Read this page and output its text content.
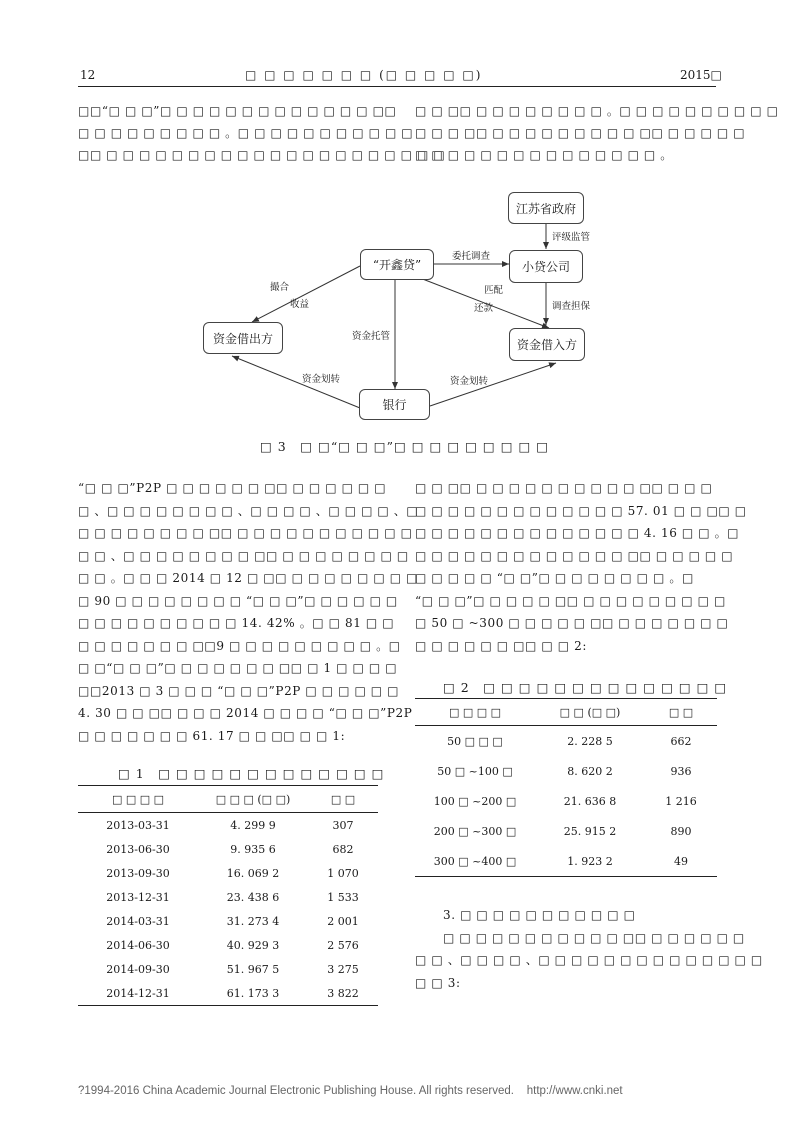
12	□ □ □ □ □ □ □ (□ □ □ □ □)	2015□
□□“□ □ □”□ □ □ □ □ □ □ □ □ □ □ □ □ □□
□ □ □ □ □ □ □ □ □ 。□ □ □ □ □ □ □ □ □ □ □
□□ □ □ □ □ □ □ □ □ □ □ □ □ □ □ □ □ □ □ □ □ □
□ □ □□ □ □ □ □ □ □ □ □ 。□ □ □ □ □ □ □ □ □ □
□ □ □ □□ □ □ □ □ □ □ □ □ □ □□ □ □ □ □ □
□ □ □ □ □ □ □ □ □ □ □ □ □ □ □ 。
江苏省政府
“开鑫贷”	小贷公司
资金借出方	资金借入方
银行
评级监管
委托调查
撮合
收益
匹配
还款	调查担保
资金托管
资金划转	资金划转
□ 3　□ □“□ □ □”□ □ □ □ □ □ □ □ □
“□ □ □”P2P □ □ □ □ □ □ □□ □ □ □ □ □ □
□ 、□ □ □ □ □ □ □ □ 、□ □ □ □ 、□ □ □ □ 、□
□ □ □ □ □ □ □ □ □□ □ □ □ □ □ □ □ □ □ □ □
□ □ 、□ □ □ □ □ □ □ □ □□ □ □ □ □ □ □ □ □
□ □ 。□ □ □ 2014 □ 12 □ □□ □ □ □ □ □ □ □ □
□ 90 □ □ □ □ □ □ □ □ “□ □ □”□ □ □ □ □ □
□ □ □ □ □ □ □ □ □ □ 14. 42% 。□ □ 81 □ □
□ □ □ □ □ □ □ □□9 □ □ □ □ □ □ □ □ □ 。□
□ □“□ □ □”□ □ □ □ □ □ □ □□ □ 1 □ □ □ □
□□2013 □ 3 □ □ □ “□ □ □”P2P □ □ □ □ □ □
4. 30 □ □ □□ □ □ □ 2014 □ □ □ □ “□ □ □”P2P
□ □ □ □ □ □ □ 61. 17 □ □ □□ □ □ 1:
□ □ □□ □ □ □ □ □ □ □ □ □ □ □□ □ □ □
□ □ □ □ □ □ □ □ □ □ □ □ □ 57. 01 □ □ □□ □
□ □ □ □ □ □ □ □ □ □ □ □ □ □ 4. 16 □ □ 。□
□ □ □ □ □ □ □ □ □ □ □ □ □ □□ □ □ □ □ □
□ □ □ □ □ “□ □”□ □ □ □ □ □ □ □ 。□
“□ □ □”□ □ □ □ □ □□ □ □ □ □ □ □ □ □ □
□ 50 □ ~300 □ □ □ □ □ □□ □ □ □ □ □ □ □
□ □ □ □ □ □ □□ □ □ 2:
□ 1　□ □ □ □ □ □ □ □ □ □ □ □ □
□ □ □ □	□ □ □ (□ □)	□ □
2013-03-31	4. 299 9	307
2013-06-30	9. 935 6	682
2013-09-30	16. 069 2	1 070
2013-12-31	23. 438 6	1 533
2014-03-31	31. 273 4	2 001
2014-06-30	40. 929 3	2 576
2014-09-30	51. 967 5	3 275
2014-12-31	61. 173 3	3 822
□ 2　□ □ □ □ □ □ □ □ □ □ □ □ □ □
□ □ □ □	□ □ (□ □)	□ □
50 □ □ □	2. 228 5	662
50 □ ~100 □	8. 620 2	936
100 □ ~200 □	21. 636 8	1 216
200 □ ~300 □	25. 915 2	890
300 □ ~400 □	1. 923 2	49
3. □ □ □ □ □ □ □ □ □ □ □
□ □ □ □ □ □ □ □ □ □ □ □□ □ □ □ □ □ □
□ □ 、□ □ □ □ 、□ □ □ □ □ □ □ □ □ □ □ □ □ □
□ □ 3:
?1994-2016 China Academic Journal Electronic Publishing House. All rights reserved.    http://www.cnki.net
